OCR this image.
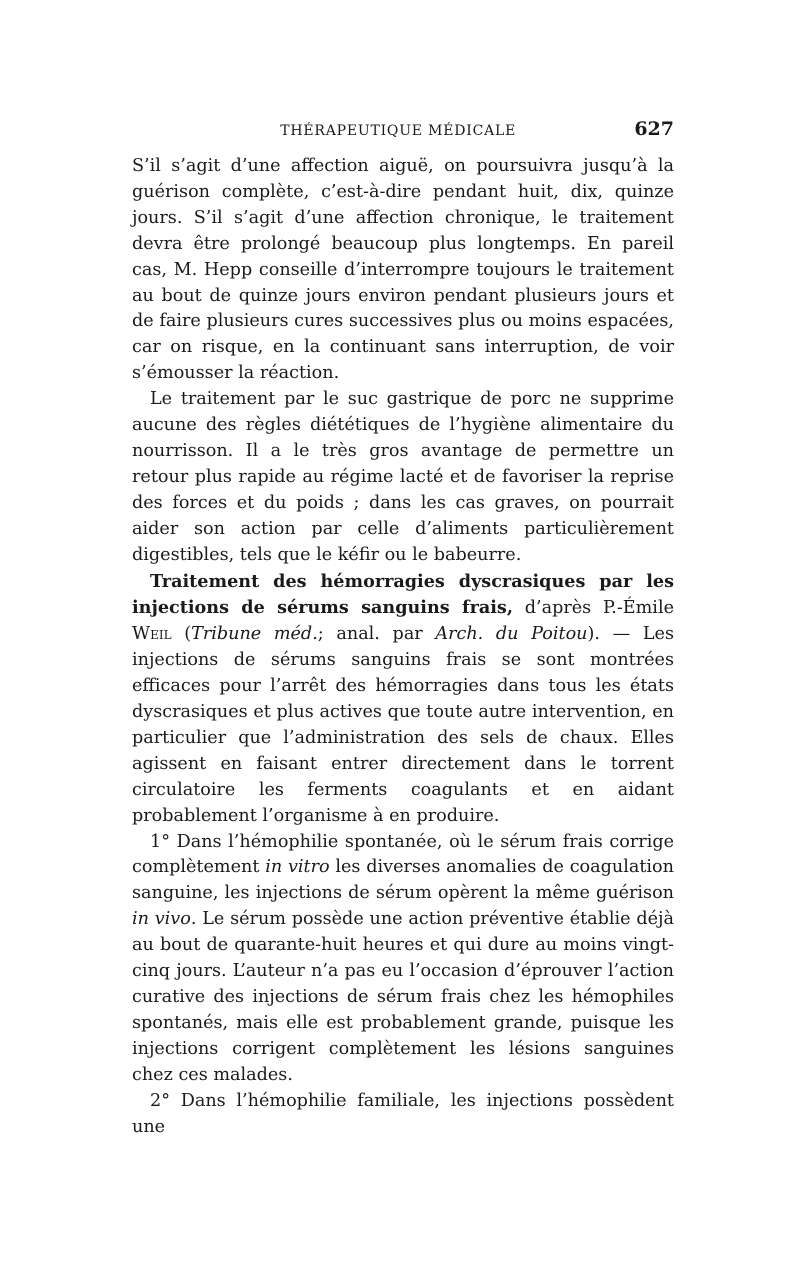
THÉRAPEUTIQUE MÉDICALE	627

S’il s’agit d’une affection aiguë, on poursuivra jusqu’à la guérison complète, c’est-à-dire pendant huit, dix, quinze jours. S’il s’agit d’une affection chronique, le traitement devra être prolongé beaucoup plus longtemps. En pareil cas, M. Hepp conseille d’interrompre toujours le traitement au bout de quinze jours environ pendant plusieurs jours et de faire plusieurs cures successives plus ou moins espacées, car on risque, en la continuant sans interruption, de voir s’émousser la réaction.

Le traitement par le suc gastrique de porc ne supprime aucune des règles diététiques de l’hygiène alimentaire du nourrisson. Il a le très gros avantage de permettre un retour plus rapide au régime lacté et de favoriser la reprise des forces et du poids ; dans les cas graves, on pourrait aider son action par celle d’aliments particulièrement digestibles, tels que le kéfir ou le babeurre.

Traitement des hémorragies dyscrasiques par les injections de sérums sanguins frais, d’après P.-Émile Weil (Tribune méd.; anal. par Arch. du Poitou). — Les injections de sérums sanguins frais se sont montrées efficaces pour l’arrêt des hémorragies dans tous les états dyscrasiques et plus actives que toute autre intervention, en particulier que l’administration des sels de chaux. Elles agissent en faisant entrer directement dans le torrent circulatoire les ferments coagulants et en aidant probablement l’organisme à en produire.

1° Dans l’hémophilie spontanée, où le sérum frais corrige complètement in vitro les diverses anomalies de coagulation sanguine, les injections de sérum opèrent la même guérison in vivo. Le sérum possède une action préventive établie déjà au bout de quarante-huit heures et qui dure au moins vingt-cinq jours. L’auteur n’a pas eu l’occasion d’éprouver l’action curative des injections de sérum frais chez les hémophiles spontanés, mais elle est probablement grande, puisque les injections corrigent complètement les lésions sanguines chez ces malades.

2° Dans l’hémophilie familiale, les injections possèdent une
